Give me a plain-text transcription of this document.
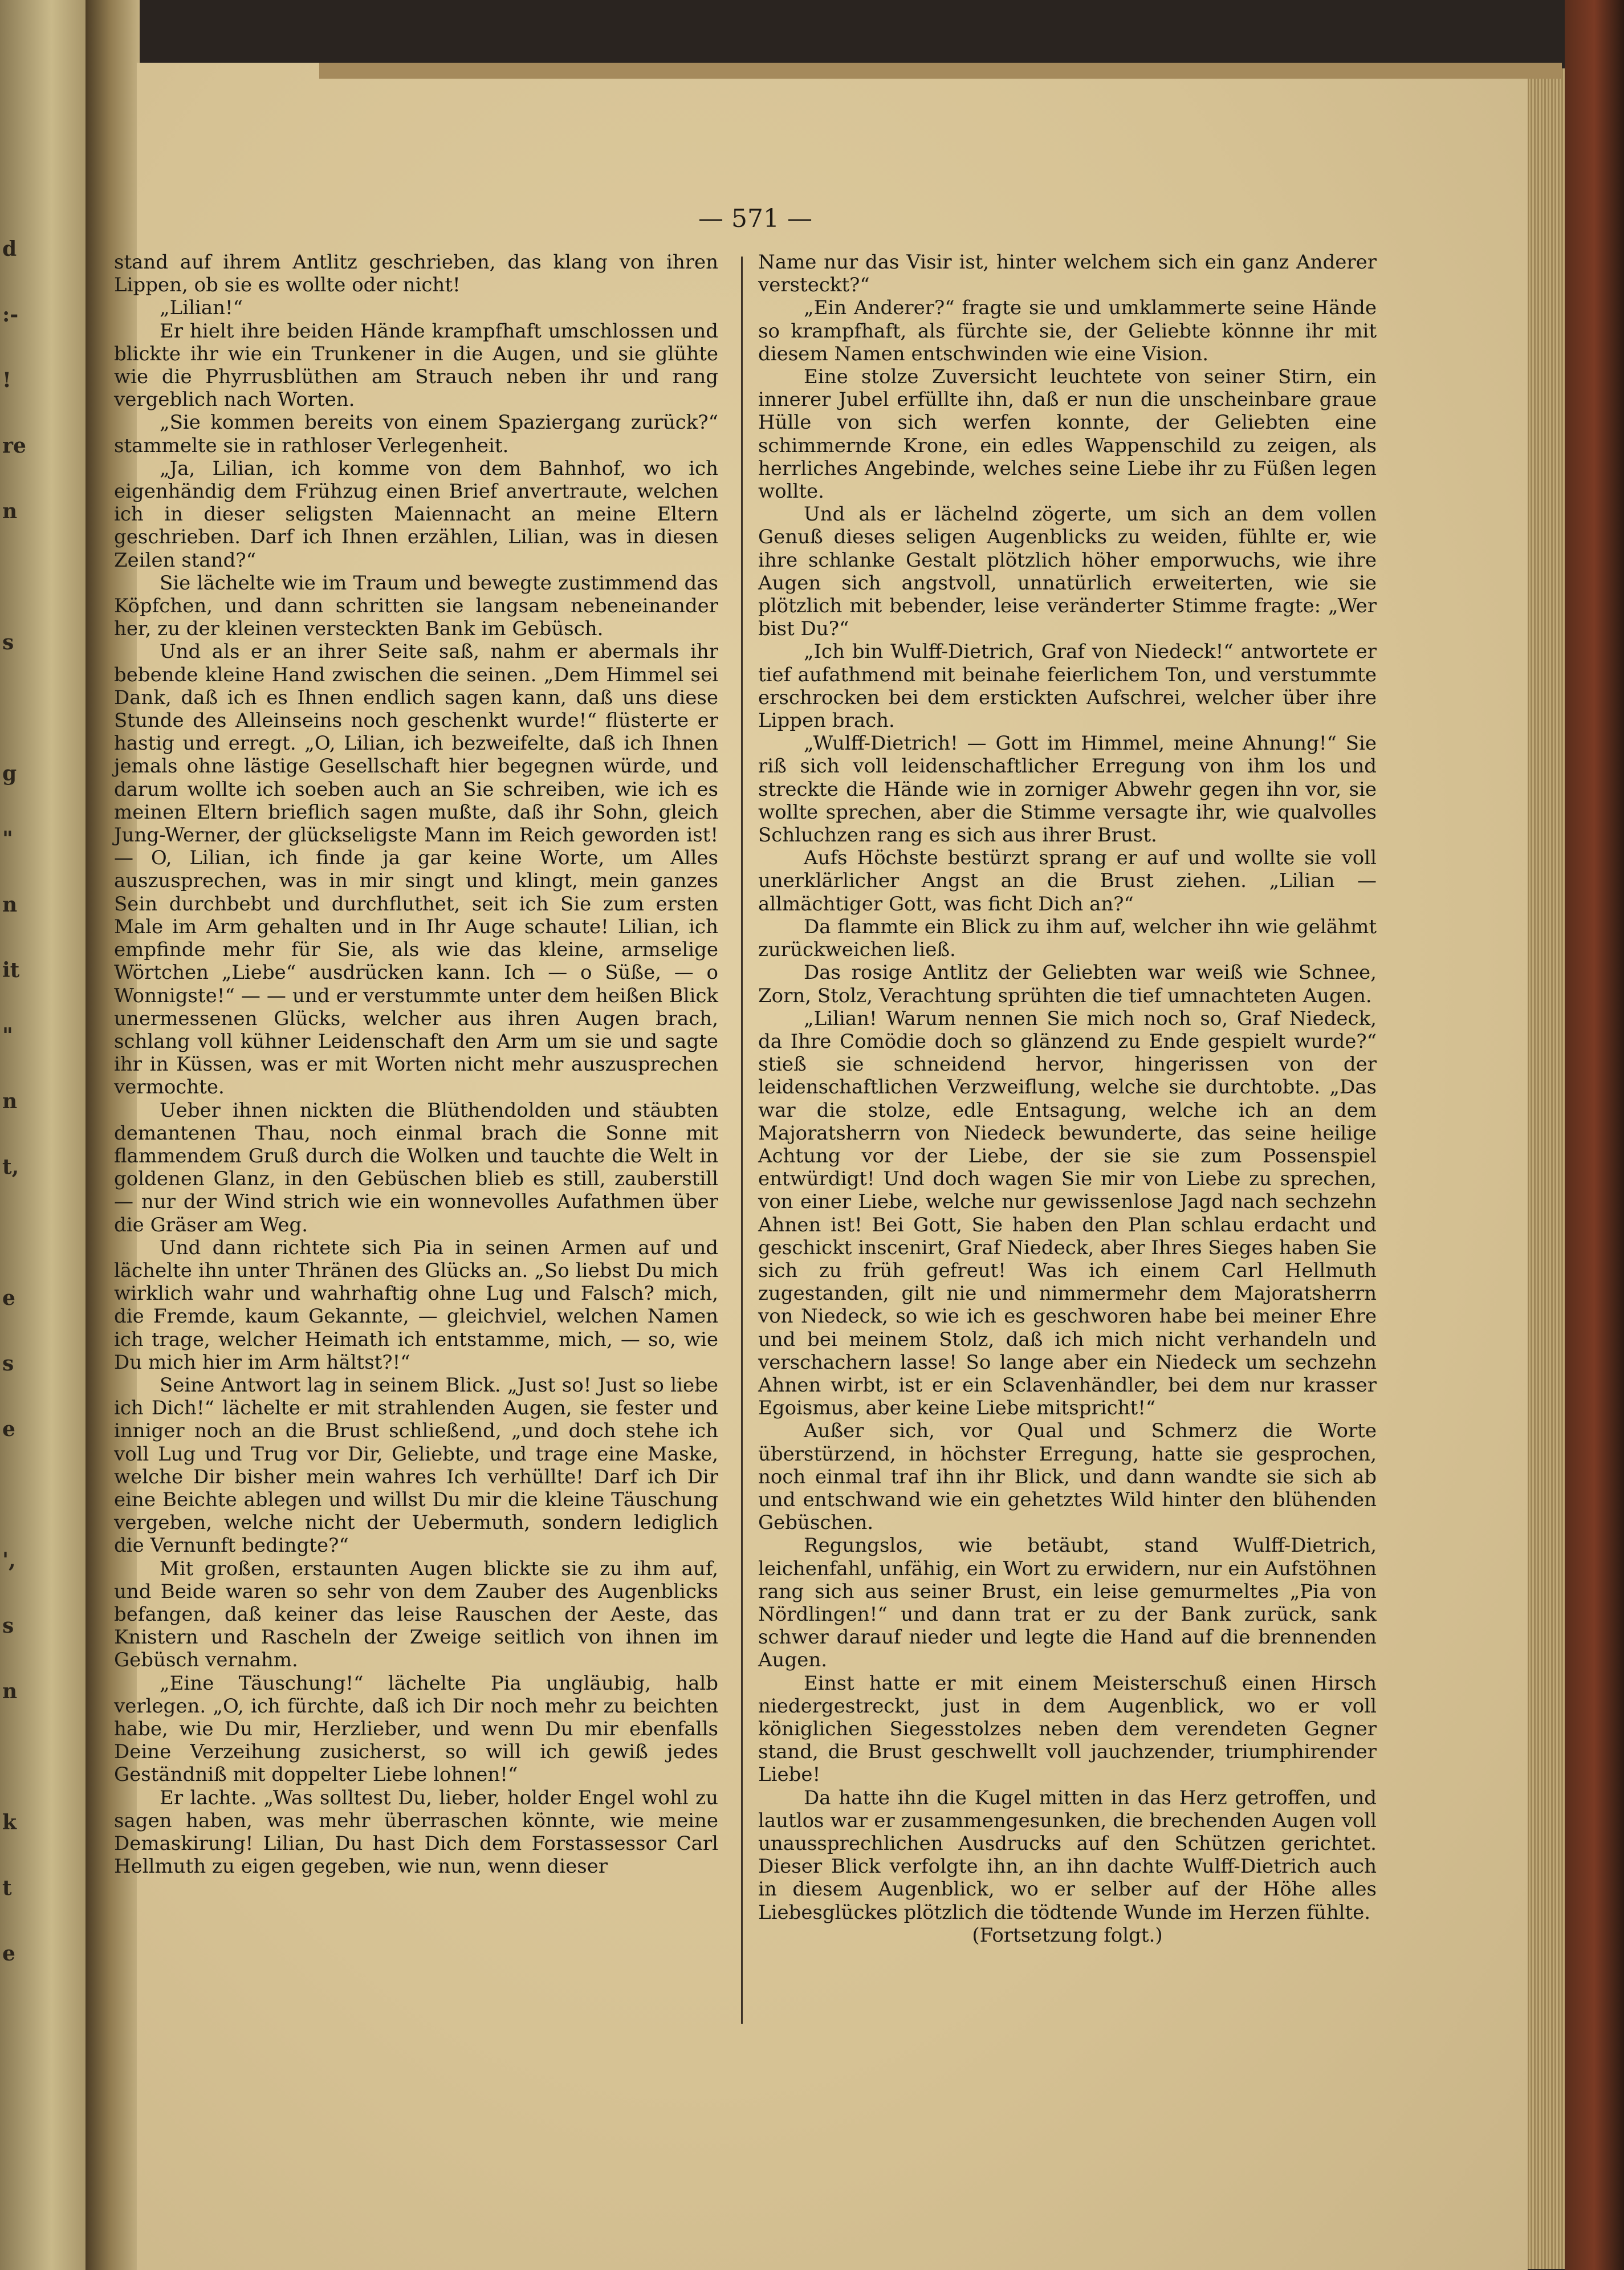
d
:-
!
re
n

s

g
"
n
it
"
n
t,

e
s
e

',
s
n

k
t
e
— 571 —

stand auf ihrem Antlitz geschrieben, das klang von ihren Lippen, ob sie es wollte oder nicht!

„Lilian!“

Er hielt ihre beiden Hände krampfhaft umschlossen und blickte ihr wie ein Trunkener in die Augen, und sie glühte wie die Phyrrusblüthen am Strauch neben ihr und rang vergeblich nach Worten.

„Sie kommen bereits von einem Spaziergang zurück?“ stammelte sie in rathloser Verlegenheit.

„Ja, Lilian, ich komme von dem Bahnhof, wo ich eigenhändig dem Frühzug einen Brief anvertraute, welchen ich in dieser seligsten Maiennacht an meine Eltern geschrieben. Darf ich Ihnen erzählen, Lilian, was in diesen Zeilen stand?“

Sie lächelte wie im Traum und bewegte zustimmend das Köpfchen, und dann schritten sie langsam nebeneinander her, zu der kleinen versteckten Bank im Gebüsch.

Und als er an ihrer Seite saß, nahm er abermals ihr bebende kleine Hand zwischen die seinen. „Dem Himmel sei Dank, daß ich es Ihnen endlich sagen kann, daß uns diese Stunde des Alleinseins noch geschenkt wurde!“ flüsterte er hastig und erregt. „O, Lilian, ich bezweifelte, daß ich Ihnen jemals ohne lästige Gesellschaft hier begegnen würde, und darum wollte ich soeben auch an Sie schreiben, wie ich es meinen Eltern brieflich sagen mußte, daß ihr Sohn, gleich Jung-Werner, der glückseligste Mann im Reich geworden ist! — O, Lilian, ich finde ja gar keine Worte, um Alles auszusprechen, was in mir singt und klingt, mein ganzes Sein durchbebt und durchfluthet, seit ich Sie zum ersten Male im Arm gehalten und in Ihr Auge schaute! Lilian, ich empfinde mehr für Sie, als wie das kleine, armselige Wörtchen „Liebe“ ausdrücken kann. Ich — o Süße, — o Wonnigste!“ — — und er verstummte unter dem heißen Blick unermessenen Glücks, welcher aus ihren Augen brach, schlang voll kühner Leidenschaft den Arm um sie und sagte ihr in Küssen, was er mit Worten nicht mehr auszusprechen vermochte.

Ueber ihnen nickten die Blüthendolden und stäubten demantenen Thau, noch einmal brach die Sonne mit flammendem Gruß durch die Wolken und tauchte die Welt in goldenen Glanz, in den Gebüschen blieb es still, zauberstill — nur der Wind strich wie ein wonnevolles Aufathmen über die Gräser am Weg.

Und dann richtete sich Pia in seinen Armen auf und lächelte ihn unter Thränen des Glücks an. „So liebst Du mich wirklich wahr und wahrhaftig ohne Lug und Falsch? mich, die Fremde, kaum Gekannte, — gleichviel, welchen Namen ich trage, welcher Heimath ich entstamme, mich, — so, wie Du mich hier im Arm hältst?!“

Seine Antwort lag in seinem Blick. „Just so! Just so liebe ich Dich!“ lächelte er mit strahlenden Augen, sie fester und inniger noch an die Brust schließend, „und doch stehe ich voll Lug und Trug vor Dir, Geliebte, und trage eine Maske, welche Dir bisher mein wahres Ich verhüllte! Darf ich Dir eine Beichte ablegen und willst Du mir die kleine Täuschung vergeben, welche nicht der Uebermuth, sondern lediglich die Vernunft bedingte?“

Mit großen, erstaunten Augen blickte sie zu ihm auf, und Beide waren so sehr von dem Zauber des Augenblicks befangen, daß keiner das leise Rauschen der Aeste, das Knistern und Rascheln der Zweige seitlich von ihnen im Gebüsch vernahm.

„Eine Täuschung!“ lächelte Pia ungläubig, halb verlegen. „O, ich fürchte, daß ich Dir noch mehr zu beichten habe, wie Du mir, Herzlieber, und wenn Du mir ebenfalls Deine Verzeihung zusicherst, so will ich gewiß jedes Geständniß mit doppelter Liebe lohnen!“

Er lachte. „Was solltest Du, lieber, holder Engel wohl zu sagen haben, was mehr überraschen könnte, wie meine Demaskirung! Lilian, Du hast Dich dem Forstassessor Carl Hellmuth zu eigen gegeben, wie nun, wenn dieser

Name nur das Visir ist, hinter welchem sich ein ganz Anderer versteckt?“

„Ein Anderer?“ fragte sie und umklammerte seine Hände so krampfhaft, als fürchte sie, der Geliebte könnne ihr mit diesem Namen entschwinden wie eine Vision.

Eine stolze Zuversicht leuchtete von seiner Stirn, ein innerer Jubel erfüllte ihn, daß er nun die unscheinbare graue Hülle von sich werfen konnte, der Geliebten eine schimmernde Krone, ein edles Wappenschild zu zeigen, als herrliches Angebinde, welches seine Liebe ihr zu Füßen legen wollte.

Und als er lächelnd zögerte, um sich an dem vollen Genuß dieses seligen Augenblicks zu weiden, fühlte er, wie ihre schlanke Gestalt plötzlich höher emporwuchs, wie ihre Augen sich angstvoll, unnatürlich erweiterten, wie sie plötzlich mit bebender, leise veränderter Stimme fragte: „Wer bist Du?“

„Ich bin Wulff-Dietrich, Graf von Niedeck!“ antwortete er tief aufathmend mit beinahe feierlichem Ton, und verstummte erschrocken bei dem erstickten Aufschrei, welcher über ihre Lippen brach.

„Wulff-Dietrich! — Gott im Himmel, meine Ahnung!“ Sie riß sich voll leidenschaftlicher Erregung von ihm los und streckte die Hände wie in zorniger Abwehr gegen ihn vor, sie wollte sprechen, aber die Stimme versagte ihr, wie qualvolles Schluchzen rang es sich aus ihrer Brust.

Aufs Höchste bestürzt sprang er auf und wollte sie voll unerklärlicher Angst an die Brust ziehen. „Lilian — allmächtiger Gott, was ficht Dich an?“

Da flammte ein Blick zu ihm auf, welcher ihn wie gelähmt zurückweichen ließ.

Das rosige Antlitz der Geliebten war weiß wie Schnee, Zorn, Stolz, Verachtung sprühten die tief umnachteten Augen.

„Lilian! Warum nennen Sie mich noch so, Graf Niedeck, da Ihre Comödie doch so glänzend zu Ende gespielt wurde?“ stieß sie schneidend hervor, hingerissen von der leidenschaftlichen Verzweiflung, welche sie durchtobte. „Das war die stolze, edle Entsagung, welche ich an dem Majoratsherrn von Niedeck bewunderte, das seine heilige Achtung vor der Liebe, der sie sie zum Possenspiel entwürdigt! Und doch wagen Sie mir von Liebe zu sprechen, von einer Liebe, welche nur gewissenlose Jagd nach sechzehn Ahnen ist! Bei Gott, Sie haben den Plan schlau erdacht und geschickt inscenirt, Graf Niedeck, aber Ihres Sieges haben Sie sich zu früh gefreut! Was ich einem Carl Hellmuth zugestanden, gilt nie und nimmermehr dem Majoratsherrn von Niedeck, so wie ich es geschworen habe bei meiner Ehre und bei meinem Stolz, daß ich mich nicht verhandeln und verschachern lasse! So lange aber ein Niedeck um sechzehn Ahnen wirbt, ist er ein Sclavenhändler, bei dem nur krasser Egoismus, aber keine Liebe mitspricht!“

Außer sich, vor Qual und Schmerz die Worte überstürzend, in höchster Erregung, hatte sie gesprochen, noch einmal traf ihn ihr Blick, und dann wandte sie sich ab und entschwand wie ein gehetztes Wild hinter den blühenden Gebüschen.

Regungslos, wie betäubt, stand Wulff-Dietrich, leichenfahl, unfähig, ein Wort zu erwidern, nur ein Aufstöhnen rang sich aus seiner Brust, ein leise gemurmeltes „Pia von Nördlingen!“ und dann trat er zu der Bank zurück, sank schwer darauf nieder und legte die Hand auf die brennenden Augen.

Einst hatte er mit einem Meisterschuß einen Hirsch niedergestreckt, just in dem Augenblick, wo er voll königlichen Siegesstolzes neben dem verendeten Gegner stand, die Brust geschwellt voll jauchzender, triumphirender Liebe!

Da hatte ihn die Kugel mitten in das Herz getroffen, und lautlos war er zusammengesunken, die brechenden Augen voll unaussprechlichen Ausdrucks auf den Schützen gerichtet. Dieser Blick verfolgte ihn, an ihn dachte Wulff-Dietrich auch in diesem Augenblick, wo er selber auf der Höhe alles Liebesglückes plötzlich die tödtende Wunde im Herzen fühlte.

(Fortsetzung folgt.)
